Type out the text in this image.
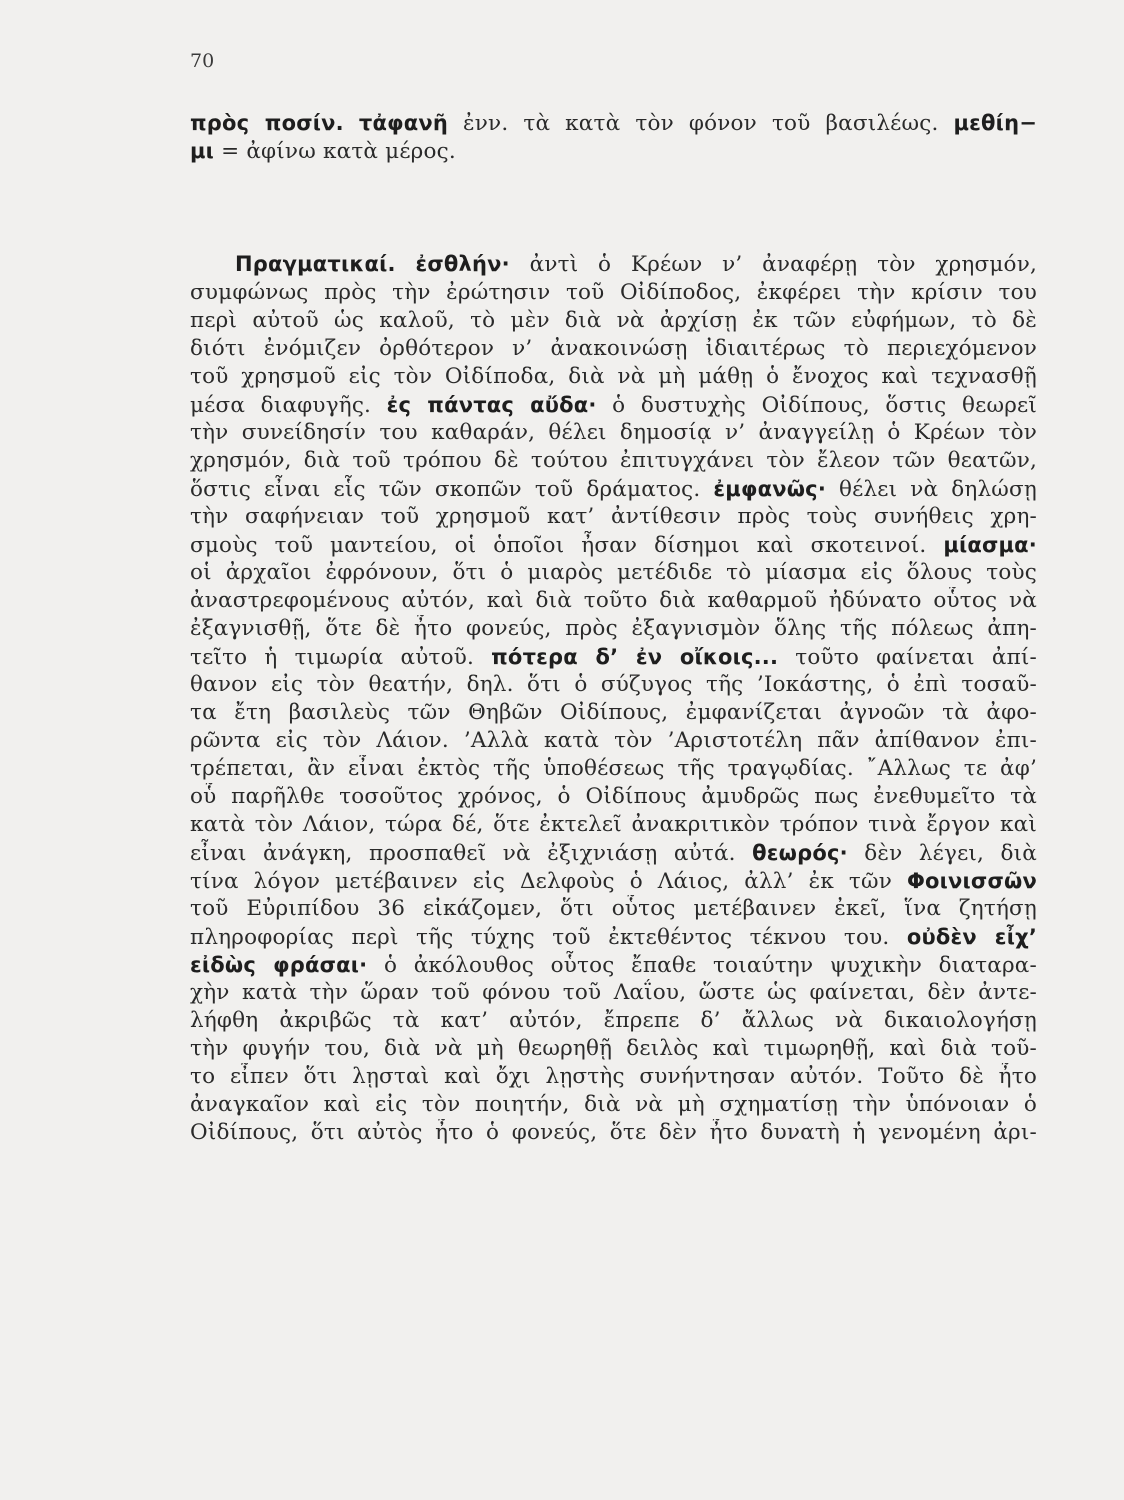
70
πρὸς ποσίν. τἀφανῆ ἐνν. τὰ κατὰ τὸν φόνον τοῦ βασιλέως. μεθίη−
μι = ἀφίνω κατὰ μέρος.
Πραγματικαί. ἐσθλήν· ἀντὶ ὁ Κρέων ν’ ἀναφέρῃ τὸν χρησμόν,
συμφώνως πρὸς τὴν ἐρώτησιν τοῦ Οἰδίποδος, ἐκφέρει τὴν κρίσιν του
περὶ αὐτοῦ ὡς καλοῦ, τὸ μὲν διὰ νὰ ἀρχίσῃ ἐκ τῶν εὐφήμων, τὸ δὲ
διότι ἐνόμιζεν ὀρθότερον ν’ ἀνακοινώσῃ ἰδιαιτέρως τὸ περιεχόμενον
τοῦ χρησμοῦ εἰς τὸν Οἰδίποδα, διὰ νὰ μὴ μάθῃ ὁ ἔνοχος καὶ τεχνασθῇ
μέσα διαφυγῆς. ἐς πάντας αὔδα· ὁ δυστυχὴς Οἰδίπους, ὅστις θεωρεῖ
τὴν συνείδησίν του καθαράν, θέλει δημοσίᾳ ν’ ἀναγγείλῃ ὁ Κρέων τὸν
χρησμόν, διὰ τοῦ τρόπου δὲ τούτου ἐπιτυγχάνει τὸν ἔλεον τῶν θεατῶν,
ὅστις εἶναι εἷς τῶν σκοπῶν τοῦ δράματος. ἐμφανῶς· θέλει νὰ δηλώσῃ
τὴν σαφήνειαν τοῦ χρησμοῦ κατ’ ἀντίθεσιν πρὸς τοὺς συνήθεις χρη-
σμοὺς τοῦ μαντείου, οἱ ὁποῖοι ἦσαν δίσημοι καὶ σκοτεινοί. μίασμα·
οἱ ἀρχαῖοι ἐφρόνουν, ὅτι ὁ μιαρὸς μετέδιδε τὸ μίασμα εἰς ὅλους τοὺς
ἀναστρεφομένους αὐτόν, καὶ διὰ τοῦτο διὰ καθαρμοῦ ἠδύνατο οὗτος νὰ
ἐξαγνισθῇ, ὅτε δὲ ἦτο φονεύς, πρὸς ἐξαγνισμὸν ὅλης τῆς πόλεως ἀπη-
τεῖτο ἡ τιμωρία αὐτοῦ. πότερα δ’ ἐν οἴκοις... τοῦτο φαίνεται ἀπί-
θανον εἰς τὸν θεατήν, δηλ. ὅτι ὁ σύζυγος τῆς ’Ιοκάστης, ὁ ἐπὶ τοσαῦ-
τα ἔτη βασιλεὺς τῶν Θηβῶν Οἰδίπους, ἐμφανίζεται ἀγνοῶν τὰ ἀφο-
ρῶντα εἰς τὸν Λάιον. ’Αλλὰ κατὰ τὸν ’Αριστοτέλη πᾶν ἀπίθανον ἐπι-
τρέπεται, ἂν εἶναι ἐκτὸς τῆς ὑποθέσεως τῆς τραγῳδίας. ῎Αλλως τε ἀφ’
οὗ παρῆλθε τοσοῦτος χρόνος, ὁ Οἰδίπους ἀμυδρῶς πως ἐνεθυμεῖτο τὰ
κατὰ τὸν Λάιον, τώρα δέ, ὅτε ἐκτελεῖ ἀνακριτικὸν τρόπον τινὰ ἔργον καὶ
εἶναι ἀνάγκη, προσπαθεῖ νὰ ἐξιχνιάσῃ αὐτά. θεωρός· δὲν λέγει, διὰ
τίνα λόγον μετέβαινεν εἰς Δελφοὺς ὁ Λάιος, ἀλλ’ ἐκ τῶν Φοινισσῶν
τοῦ Εὐριπίδου 36 εἰκάζομεν, ὅτι οὗτος μετέβαινεν ἐκεῖ, ἵνα ζητήσῃ
πληροφορίας περὶ τῆς τύχης τοῦ ἐκτεθέντος τέκνου του. οὐδὲν εἶχ’
εἰδὼς φράσαι· ὁ ἀκόλουθος οὗτος ἔπαθε τοιαύτην ψυχικὴν διαταρα-
χὴν κατὰ τὴν ὥραν τοῦ φόνου τοῦ Λαΐου, ὥστε ὡς φαίνεται, δὲν ἀντε-
λήφθη ἀκριβῶς τὰ κατ’ αὐτόν, ἔπρεπε δ’ ἄλλως νὰ δικαιολογήσῃ
τὴν φυγήν του, διὰ νὰ μὴ θεωρηθῇ δειλὸς καὶ τιμωρηθῇ, καὶ διὰ τοῦ-
το εἶπεν ὅτι λῃσταὶ καὶ ὄχι λῃστὴς συνήντησαν αὐτόν. Τοῦτο δὲ ἦτο
ἀναγκαῖον καὶ εἰς τὸν ποιητήν, διὰ νὰ μὴ σχηματίσῃ τὴν ὑπόνοιαν ὁ
Οἰδίπους, ὅτι αὐτὸς ἦτο ὁ φονεύς, ὅτε δὲν ἦτο δυνατὴ ἡ γενομένη ἀρι-
